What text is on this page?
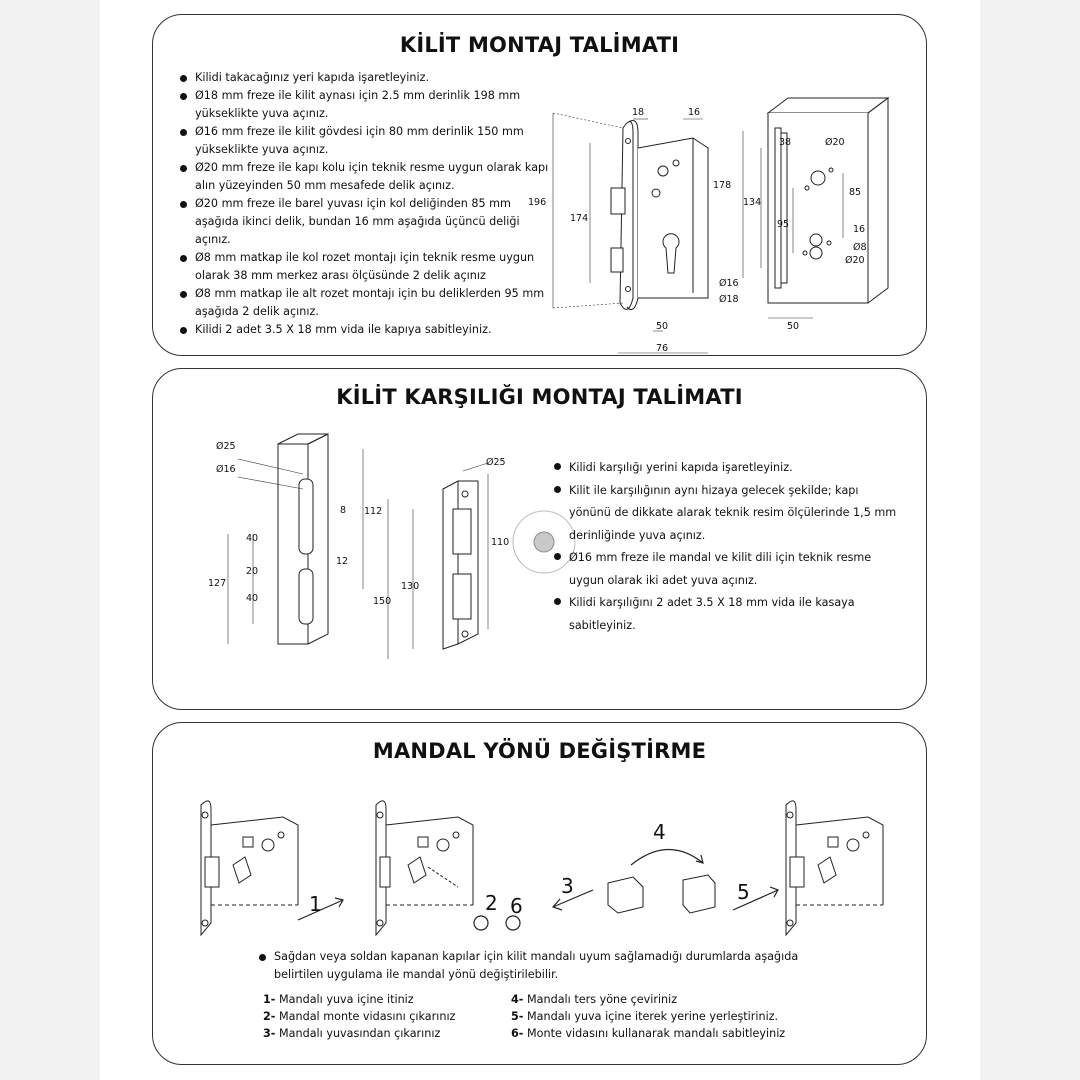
KİLİT MONTAJ TALİMATI
Kilidi takacağınız yeri kapıda işaretleyiniz.
Ø18 mm freze ile kilit aynası için 2.5 mm derinlik 198 mm yükseklikte yuva açınız.
Ø16 mm freze ile kilit gövdesi için 80 mm derinlik 150 mm yükseklikte yuva açınız.
Ø20 mm freze ile kapı kolu için teknik resme uygun olarak kapı alın yüzeyinden 50 mm mesafede delik açınız.
Ø20 mm freze ile barel yuvası için kol deliğinden 85 mm aşağıda ikinci delik, bundan 16 mm aşağıda üçüncü deliği açınız.
Ø8 mm matkap ile kol rozet montajı için teknik resme uygun olarak 38 mm merkez arası ölçüsünde 2 delik açınız
Ø8 mm matkap ile alt rozet montajı için bu deliklerden 95 mm aşağıda 2 delik açınız.
Kilidi 2 adet 3.5 X 18 mm vida ile kapıya sabitleyiniz.
18	16
196
174
50
76
38	Ø20
178
134
85
95	16
Ø8
Ø20
Ø16
Ø18
50
KİLİT KARŞILIĞI MONTAJ TALİMATI
Ø25
Ø16
8 112
40
20
12
127
40
Ø25
110
130
150
Kilidi karşılığı yerini kapıda işaretleyiniz.
Kilit ile karşılığının aynı hizaya gelecek şekilde; kapı yönünü de dikkate alarak teknik resim ölçülerinde 1,5 mm derinliğinde yuva açınız.
Ø16 mm freze ile mandal ve kilit dili için teknik resme uygun olarak iki adet yuva açınız.
Kilidi karşılığını 2 adet 3.5 X 18 mm vida ile kasaya sabitleyiniz.
MANDAL YÖNÜ DEĞİŞTİRME
1	2 6
3
4
5
Sağdan veya soldan kapanan kapılar için kilit mandalı uyum sağlamadığı durumlarda aşağıda belirtilen uygulama ile mandal yönü değiştirilebilir.
1- Mandalı yuva içine itiniz
2- Mandal monte vidasını çıkarınız
3- Mandalı yuvasından çıkarınız
4- Mandalı ters yöne çeviriniz
5- Mandalı yuva içine iterek yerine yerleştiriniz.
6- Monte vidasını kullanarak mandalı sabitleyiniz
